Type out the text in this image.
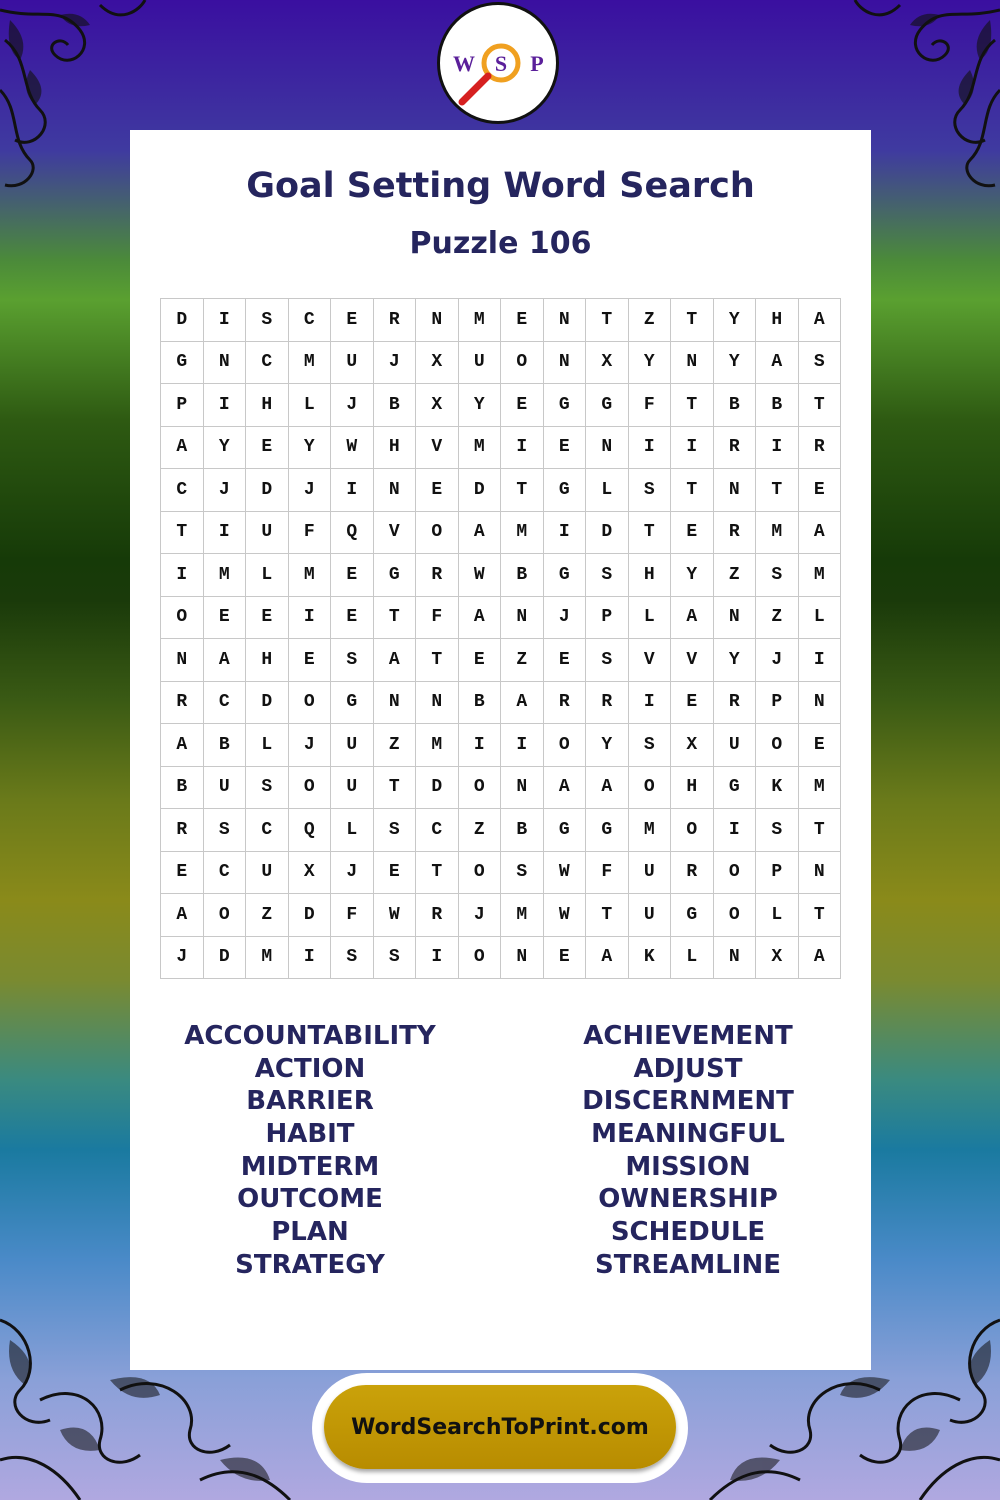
W S P
Goal Setting Word Search
Puzzle 106
D	I	S	C	E	R	N	M	E	N	T	Z	T	Y	H	A
G	N	C	M	U	J	X	U	O	N	X	Y	N	Y	A	S
P	I	H	L	J	B	X	Y	E	G	G	F	T	B	B	T
A	Y	E	Y	W	H	V	M	I	E	N	I	I	R	I	R
C	J	D	J	I	N	E	D	T	G	L	S	T	N	T	E
T	I	U	F	Q	V	O	A	M	I	D	T	E	R	M	A
I	M	L	M	E	G	R	W	B	G	S	H	Y	Z	S	M
O	E	E	I	E	T	F	A	N	J	P	L	A	N	Z	L
N	A	H	E	S	A	T	E	Z	E	S	V	V	Y	J	I
R	C	D	O	G	N	N	B	A	R	R	I	E	R	P	N
A	B	L	J	U	Z	M	I	I	O	Y	S	X	U	O	E
B	U	S	O	U	T	D	O	N	A	A	O	H	G	K	M
R	S	C	Q	L	S	C	Z	B	G	G	M	O	I	S	T
E	C	U	X	J	E	T	O	S	W	F	U	R	O	P	N
A	O	Z	D	F	W	R	J	M	W	T	U	G	O	L	T
J	D	M	I	S	S	I	O	N	E	A	K	L	N	X	A
ACCOUNTABILITY
ACTION
BARRIER
HABIT
MIDTERM
OUTCOME
PLAN
STRATEGY
ACHIEVEMENT
ADJUST
DISCERNMENT
MEANINGFUL
MISSION
OWNERSHIP
SCHEDULE
STREAMLINE
WordSearchToPrint.com
